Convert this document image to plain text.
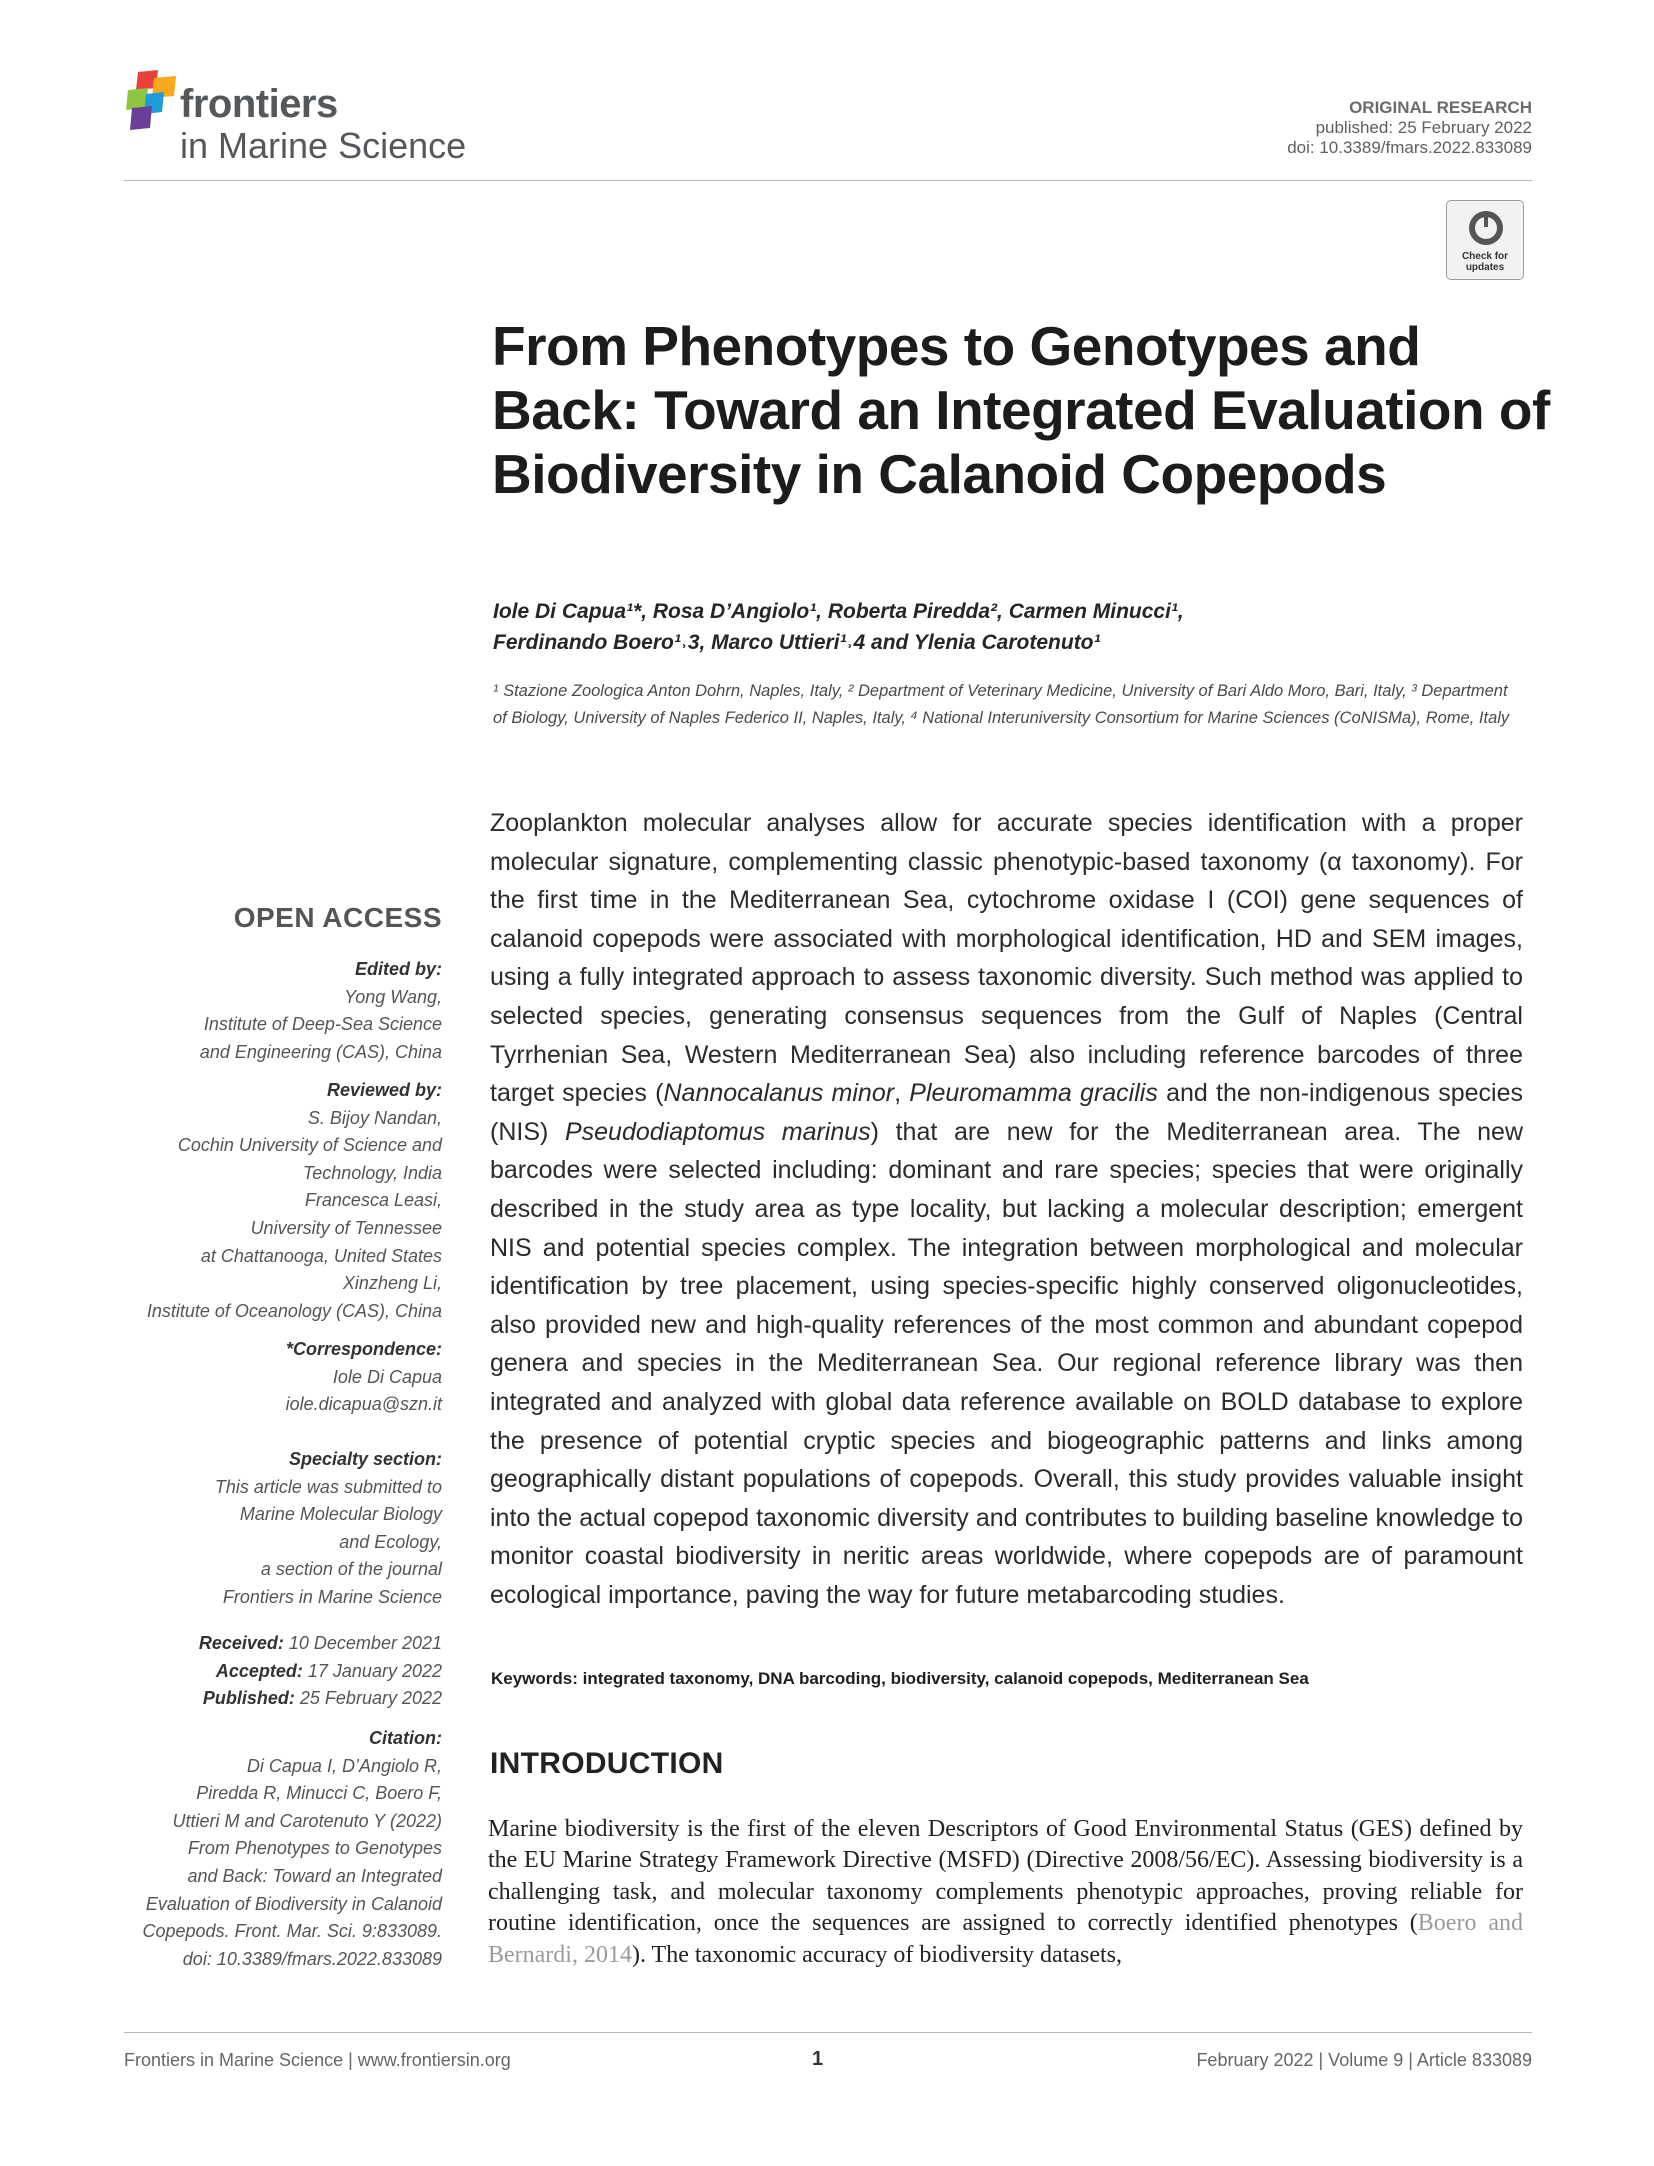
frontiers
in Marine Science
ORIGINAL RESEARCH
published: 25 February 2022
doi: 10.3389/fmars.2022.833089
Check for updates
From Phenotypes to Genotypes and Back: Toward an Integrated Evaluation of Biodiversity in Calanoid Copepods
Iole Di Capua¹*, Rosa D’Angiolo¹, Roberta Piredda², Carmen Minucci¹,
Ferdinando Boero¹˒3, Marco Uttieri¹˒4 and Ylenia Carotenuto¹
¹ Stazione Zoologica Anton Dohrn, Naples, Italy, ² Department of Veterinary Medicine, University of Bari Aldo Moro, Bari, Italy, ³ Department of Biology, University of Naples Federico II, Naples, Italy, ⁴ National Interuniversity Consortium for Marine Sciences (CoNISMa), Rome, Italy

Zooplankton molecular analyses allow for accurate species identification with a proper molecular signature, complementing classic phenotypic-based taxonomy (α taxonomy). For the first time in the Mediterranean Sea, cytochrome oxidase I (COI) gene sequences of calanoid copepods were associated with morphological identification, HD and SEM images, using a fully integrated approach to assess taxonomic diversity. Such method was applied to selected species, generating consensus sequences from the Gulf of Naples (Central Tyrrhenian Sea, Western Mediterranean Sea) also including reference barcodes of three target species (Nannocalanus minor, Pleuromamma gracilis and the non-indigenous species (NIS) Pseudodiaptomus marinus) that are new for the Mediterranean area. The new barcodes were selected including: dominant and rare species; species that were originally described in the study area as type locality, but lacking a molecular description; emergent NIS and potential species complex. The integration between morphological and molecular identification by tree placement, using species-specific highly conserved oligonucleotides, also provided new and high-quality references of the most common and abundant copepod genera and species in the Mediterranean Sea. Our regional reference library was then integrated and analyzed with global data reference available on BOLD database to explore the presence of potential cryptic species and biogeographic patterns and links among geographically distant populations of copepods. Overall, this study provides valuable insight into the actual copepod taxonomic diversity and contributes to building baseline knowledge to monitor coastal biodiversity in neritic areas worldwide, where copepods are of paramount ecological importance, paving the way for future metabarcoding studies.

Keywords: integrated taxonomy, DNA barcoding, biodiversity, calanoid copepods, Mediterranean Sea
INTRODUCTION

Marine biodiversity is the first of the eleven Descriptors of Good Environmental Status (GES) defined by the EU Marine Strategy Framework Directive (MSFD) (Directive 2008/56/EC). Assessing biodiversity is a challenging task, and molecular taxonomy complements phenotypic approaches, proving reliable for routine identification, once the sequences are assigned to correctly identified phenotypes (Boero and Bernardi, 2014). The taxonomic accuracy of biodiversity datasets,

OPEN ACCESS
Edited by:
Yong Wang,
Institute of Deep-Sea Science
and Engineering (CAS), China
Reviewed by:
S. Bijoy Nandan,
Cochin University of Science and
Technology, India
Francesca Leasi,
University of Tennessee
at Chattanooga, United States
Xinzheng Li,
Institute of Oceanology (CAS), China
*Correspondence:
Iole Di Capua
iole.dicapua@szn.it
Specialty section:
This article was submitted to
Marine Molecular Biology
and Ecology,
a section of the journal
Frontiers in Marine Science
Received: 10 December 2021
Accepted: 17 January 2022
Published: 25 February 2022
Citation:
Di Capua I, D’Angiolo R,
Piredda R, Minucci C, Boero F,
Uttieri M and Carotenuto Y (2022)
From Phenotypes to Genotypes
and Back: Toward an Integrated
Evaluation of Biodiversity in Calanoid
Copepods. Front. Mar. Sci. 9:833089.
doi: 10.3389/fmars.2022.833089
Frontiers in Marine Science | www.frontiersin.org	1	February 2022 | Volume 9 | Article 833089
